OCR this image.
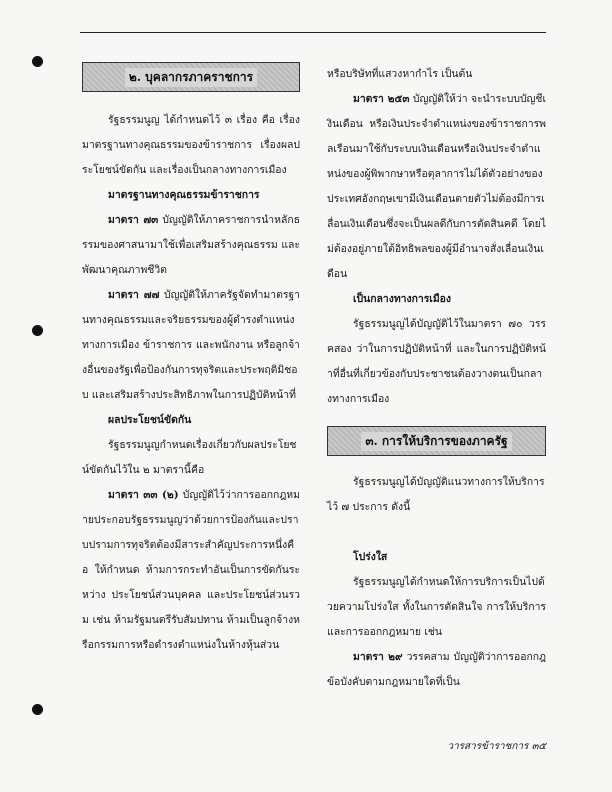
๒. บุคลากรภาคราชการ

รัฐธรรมนูญ ได้กำหนดไว้ ๓ เรื่อง คือ เรื่องมาตรฐานทางคุณธรรมของข้าราชการ เรื่องผลประโยชน์ขัดกัน และเรื่องเป็นกลางทางการเมือง

มาตรฐานทางคุณธรรมข้าราชการ

มาตรา ๗๓ บัญญัติให้ภาคราชการนำหลักธรรมของศาสนามาใช้เพื่อเสริมสร้างคุณธรรม และพัฒนาคุณภาพชีวิต

มาตรา ๗๗ บัญญัติให้ภาครัฐจัดทำมาตรฐานทางคุณธรรมและจริยธรรมของผู้ดำรงตำแหน่งทางการเมือง ข้าราชการ และพนักงาน หรือลูกจ้างอื่นของรัฐเพื่อป้องกันการทุจริตและประพฤติมิชอบ และเสริมสร้างประสิทธิภาพในการปฏิบัติหน้าที่

ผลประโยชน์ขัดกัน

รัฐธรรมนูญกำหนดเรื่องเกี่ยวกับผลประโยชน์ขัดกันไว้ใน ๒ มาตรานี้คือ

มาตรา ๓๓ (๒) บัญญัติไว้ว่าการออกกฎหมายประกอบรัฐธรรมนูญว่าด้วยการป้องกันและปราบปรามการทุจริตต้องมีสาระสำคัญประการหนึ่งคือ ให้กำหนด ห้ามการกระทำอันเป็นการขัดกันระหว่าง ประโยชน์ส่วนบุคคล และประโยชน์ส่วนรวม เช่น ห้ามรัฐมนตรีรับสัมปทาน ห้ามเป็นลูกจ้างหรือกรรมการหรือดำรงตำแหน่งในห้างหุ้นส่วน

หรือบริษัทที่แสวงหากำไร เป็นต้น

มาตรา ๒๕๓ บัญญัติให้ว่า จะนำระบบบัญชีเงินเดือน หรือเงินประจำตำแหน่งของข้าราชการพลเรือนมาใช้กับระบบเงินเดือนหรือเงินประจำตำแหน่งของผู้พิพากษาหรือตุลาการไม่ได้ตัวอย่างของประเทศอังกฤษเขามีเงินเดือนตายตัวไม่ต้องมีการเลื่อนเงินเดือนซึ่งจะเป็นผลดีกับการตัดสินคดี โดยไม่ต้องอยู่ภายใต้อิทธิพลของผู้มีอำนาจสั่งเลื่อนเงินเดือน

เป็นกลางทางการเมือง

รัฐธรรมนูญได้บัญญัติไว้ในมาตรา ๗๐ วรรคสอง ว่าในการปฏิบัติหน้าที่ และในการปฏิบัติหน้าที่อื่นที่เกี่ยวข้องกับประชาชนต้องวางตนเป็นกลางทางการเมือง

๓. การให้บริการของภาครัฐ

รัฐธรรมนูญได้บัญญัติแนวทางการให้บริการไว้ ๗ ประการ ดังนี้

โปร่งใส

รัฐธรรมนูญได้กำหนดให้การบริการเป็นไปด้วยความโปร่งใส ทั้งในการตัดสินใจ การให้บริการ และการออกกฎหมาย เช่น

มาตรา ๒๙ วรรคสาม บัญญัติว่าการออกกฎข้อบังคับตามกฎหมายใดที่เป็น

วารสารข้าราชการ ๓๕
